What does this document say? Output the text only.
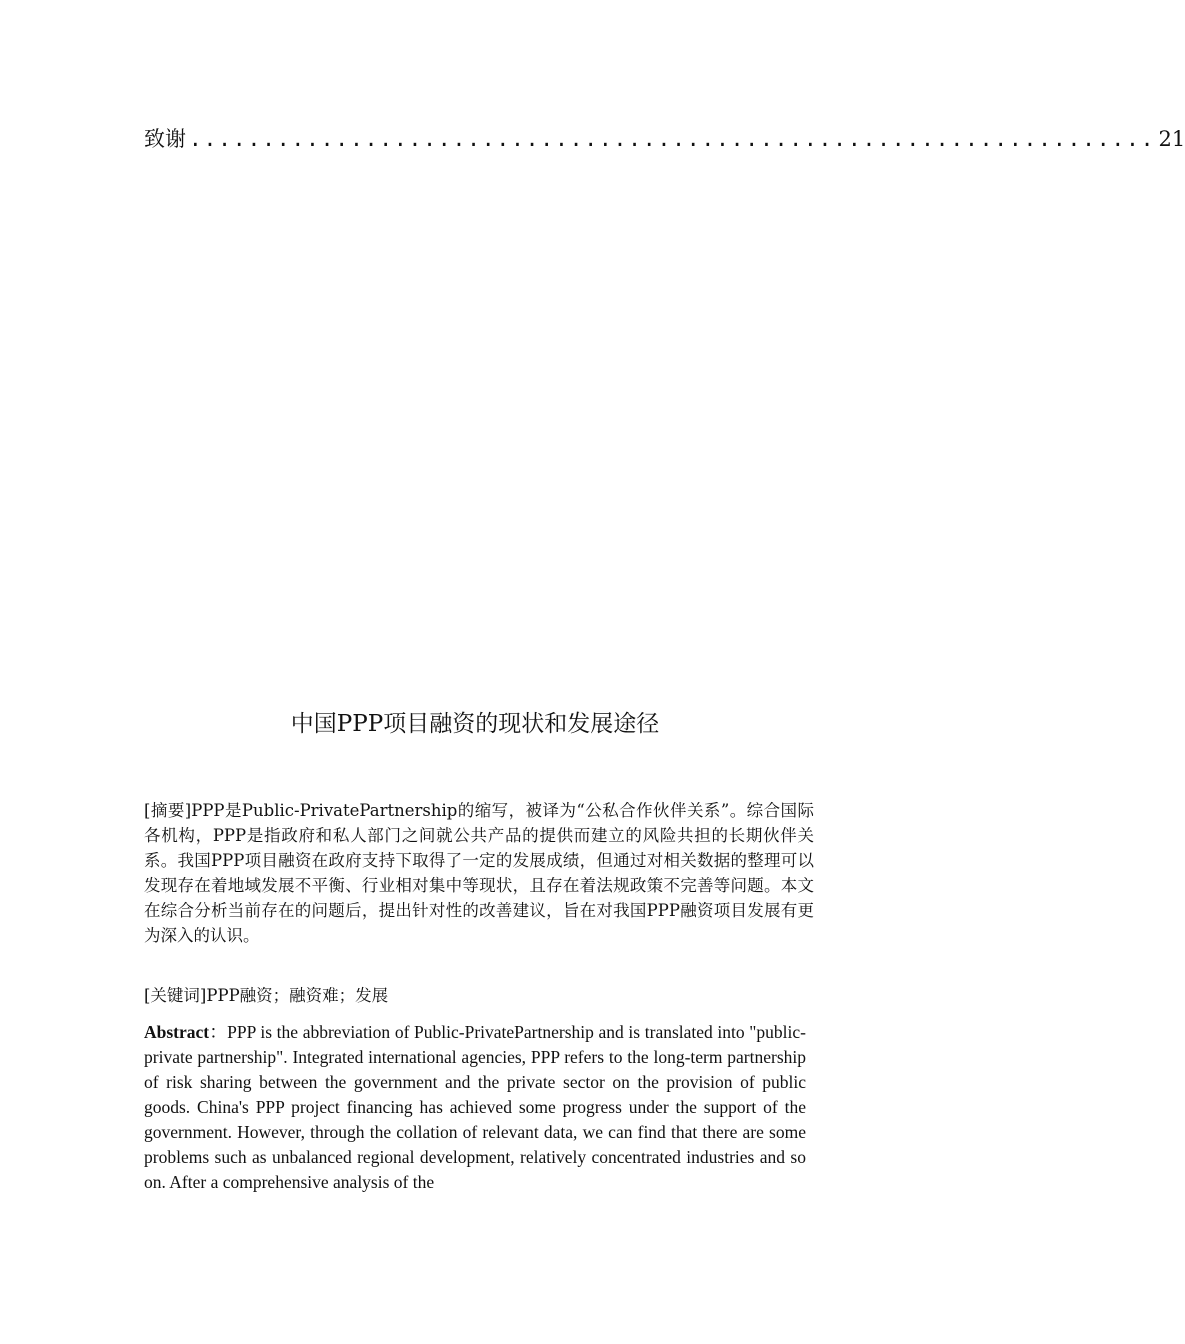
致谢 .................................................................. 21
中国PPP项目融资的现状和发展途径

[摘要]PPP是Public-PrivatePartnership的缩写，被译为“公私合作伙伴关系”。综合国际各机构，PPP是指政府和私人部门之间就公共产品的提供而建立的风险共担的长期伙伴关系。我国PPP项目融资在政府支持下取得了一定的发展成绩，但通过对相关数据的整理可以发现存在着地域发展不平衡、行业相对集中等现状，且存在着法规政策不完善等问题。本文在综合分析当前存在的问题后，提出针对性的改善建议，旨在对我国PPP融资项目发展有更为深入的认识。

[关键词]PPP融资；融资难；发展

Abstract：PPP is the abbreviation of Public-PrivatePartnership and is translated into "public-private partnership". Integrated international agencies, PPP refers to the long-term partnership of risk sharing between the government and the private sector on the provision of public goods. China's PPP project financing has achieved some progress under the support of the government. However, through the collation of relevant data, we can find that there are some problems such as unbalanced regional development, relatively concentrated industries and so on. After a comprehensive analysis of the
